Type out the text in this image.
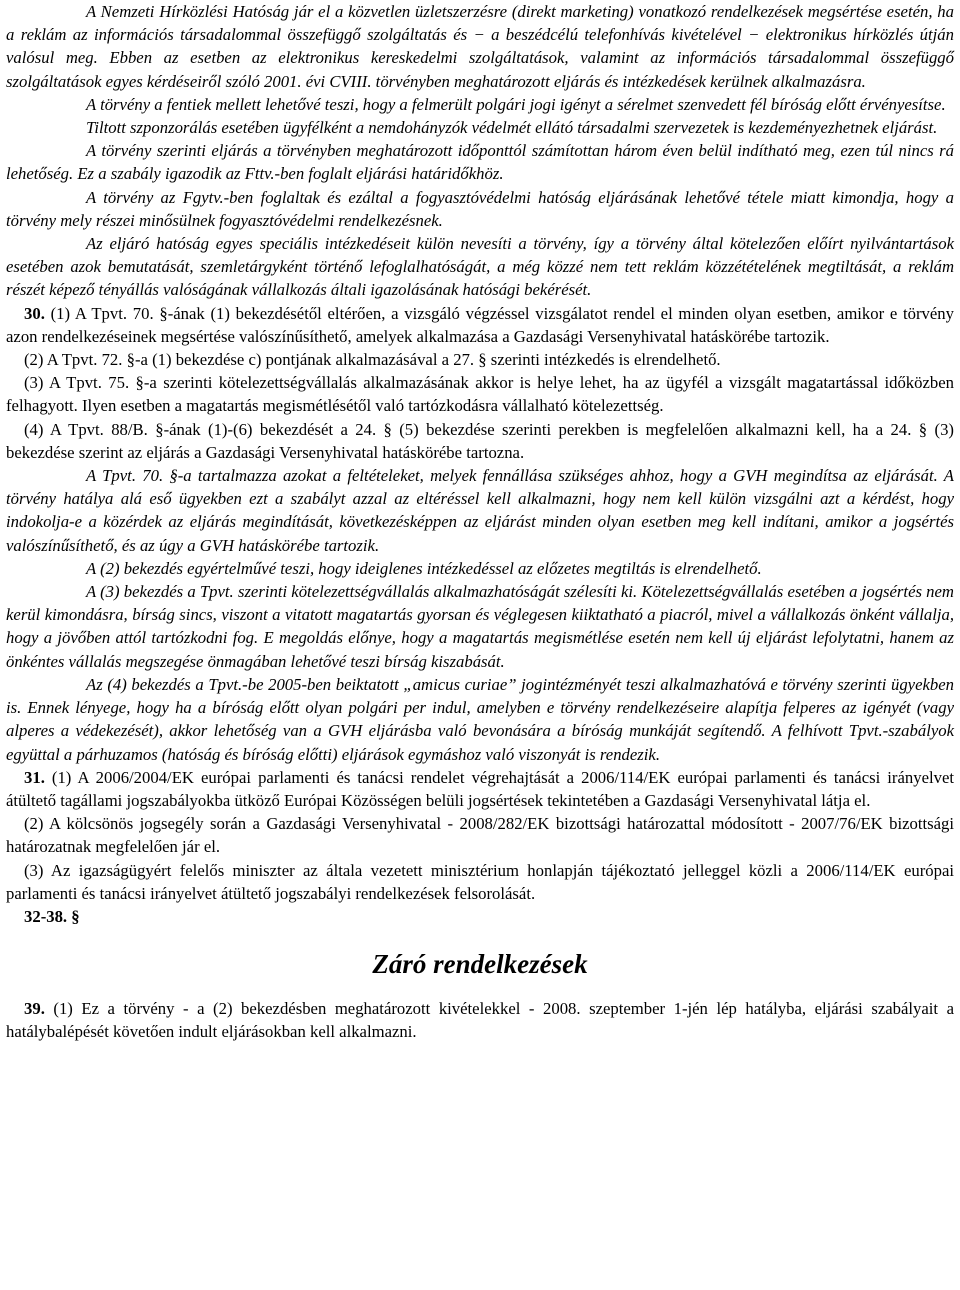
A Nemzeti Hírközlési Hatóság jár el a közvetlen üzletszerzésre (direkt marketing) vonatkozó rendelkezések megsértése esetén, ha a reklám az információs társadalommal összefüggő szolgáltatás és − a beszédcélú telefonhívás kivételével − elektronikus hírközlés útján valósul meg. Ebben az esetben az elektronikus kereskedelmi szolgáltatások, valamint az információs társadalommal összefüggő szolgáltatások egyes kérdéseiről szóló 2001. évi CVIII. törvényben meghatározott eljárás és intézkedések kerülnek alkalmazásra.

A törvény a fentiek mellett lehetővé teszi, hogy a felmerült polgári jogi igényt a sérelmet szenvedett fél bíróság előtt érvényesítse.

Tiltott szponzorálás esetében ügyfélként a nemdohányzók védelmét ellátó társadalmi szervezetek is kezdeményezhetnek eljárást.

A törvény szerinti eljárás a törvényben meghatározott időponttól számítottan három éven belül indítható meg, ezen túl nincs rá lehetőség. Ez a szabály igazodik az Fttv.-ben foglalt eljárási határidőkhöz.

A törvény az Fgytv.-ben foglaltak és ezáltal a fogyasztóvédelmi hatóság eljárásának lehetővé tétele miatt kimondja, hogy a törvény mely részei minősülnek fogyasztóvédelmi rendelkezésnek.

Az eljáró hatóság egyes speciális intézkedéseit külön nevesíti a törvény, így a törvény által kötelezően előírt nyilvántartások esetében azok bemutatását, szemletárgyként történő lefoglalhatóságát, a még közzé nem tett reklám közzétételének megtiltását, a reklám részét képező tényállás valóságának vállalkozás általi igazolásának hatósági bekérését.

30. (1) A Tpvt. 70. §-ának (1) bekezdésétől eltérően, a vizsgáló végzéssel vizsgálatot rendel el minden olyan esetben, amikor e törvény azon rendelkezéseinek megsértése valószínűsíthető, amelyek alkalmazása a Gazdasági Versenyhivatal hatáskörébe tartozik.

(2) A Tpvt. 72. §-a (1) bekezdése c) pontjának alkalmazásával a 27. § szerinti intézkedés is elrendelhető.

(3) A Tpvt. 75. §-a szerinti kötelezettségvállalás alkalmazásának akkor is helye lehet, ha az ügyfél a vizsgált magatartással időközben felhagyott. Ilyen esetben a magatartás megismétlésétől való tartózkodásra vállalható kötelezettség.

(4) A Tpvt. 88/B. §-ának (1)-(6) bekezdését a 24. § (5) bekezdése szerinti perekben is megfelelően alkalmazni kell, ha a 24. § (3) bekezdése szerint az eljárás a Gazdasági Versenyhivatal hatáskörébe tartozna.

A Tpvt. 70. §-a tartalmazza azokat a feltételeket, melyek fennállása szükséges ahhoz, hogy a GVH megindítsa az eljárását. A törvény hatálya alá eső ügyekben ezt a szabályt azzal az eltéréssel kell alkalmazni, hogy nem kell külön vizsgálni azt a kérdést, hogy indokolja-e a közérdek az eljárás megindítását, következésképpen az eljárást minden olyan esetben meg kell indítani, amikor a jogsértés valószínűsíthető, és az úgy a GVH hatáskörébe tartozik.

A (2) bekezdés egyértelművé teszi, hogy ideiglenes intézkedéssel az előzetes megtiltás is elrendelhető.

A (3) bekezdés a Tpvt. szerinti kötelezettségvállalás alkalmazhatóságát szélesíti ki. Kötelezettségvállalás esetében a jogsértés nem kerül kimondásra, bírság sincs, viszont a vitatott magatartás gyorsan és véglegesen kiiktatható a piacról, mivel a vállalkozás önként vállalja, hogy a jövőben attól tartózkodni fog. E megoldás előnye, hogy a magatartás megismétlése esetén nem kell új eljárást lefolytatni, hanem az önkéntes vállalás megszegése önmagában lehetővé teszi bírság kiszabását.

Az (4) bekezdés a Tpvt.-be 2005-ben beiktatott „amicus curiae” jogintézményét teszi alkalmazhatóvá e törvény szerinti ügyekben is. Ennek lényege, hogy ha a bíróság előtt olyan polgári per indul, amelyben e törvény rendelkezéseire alapítja felperes az igényét (vagy alperes a védekezését), akkor lehetőség van a GVH eljárásba való bevonására a bíróság munkáját segítendő. A felhívott Tpvt.-szabályok együttal a párhuzamos (hatóság és bíróság előtti) eljárások egymáshoz való viszonyát is rendezik.

31. (1) A 2006/2004/EK európai parlamenti és tanácsi rendelet végrehajtását a 2006/114/EK európai parlamenti és tanácsi irányelvet átültető tagállami jogszabályokba ütköző Európai Közösségen belüli jogsértések tekintetében a Gazdasági Versenyhivatal látja el.

(2) A kölcsönös jogsegély során a Gazdasági Versenyhivatal - 2008/282/EK bizottsági határozattal módosított - 2007/76/EK bizottsági határozatnak megfelelően jár el.

(3) Az igazságügyért felelős miniszter az általa vezetett minisztérium honlapján tájékoztató jelleggel közli a 2006/114/EK európai parlamenti és tanácsi irányelvet átültető jogszabályi rendelkezések felsorolását.

32-38. §

Záró rendelkezések

39. (1) Ez a törvény - a (2) bekezdésben meghatározott kivételekkel - 2008. szeptember 1-jén lép hatályba, eljárási szabályait a hatálybalépését követően indult eljárásokban kell alkalmazni.
